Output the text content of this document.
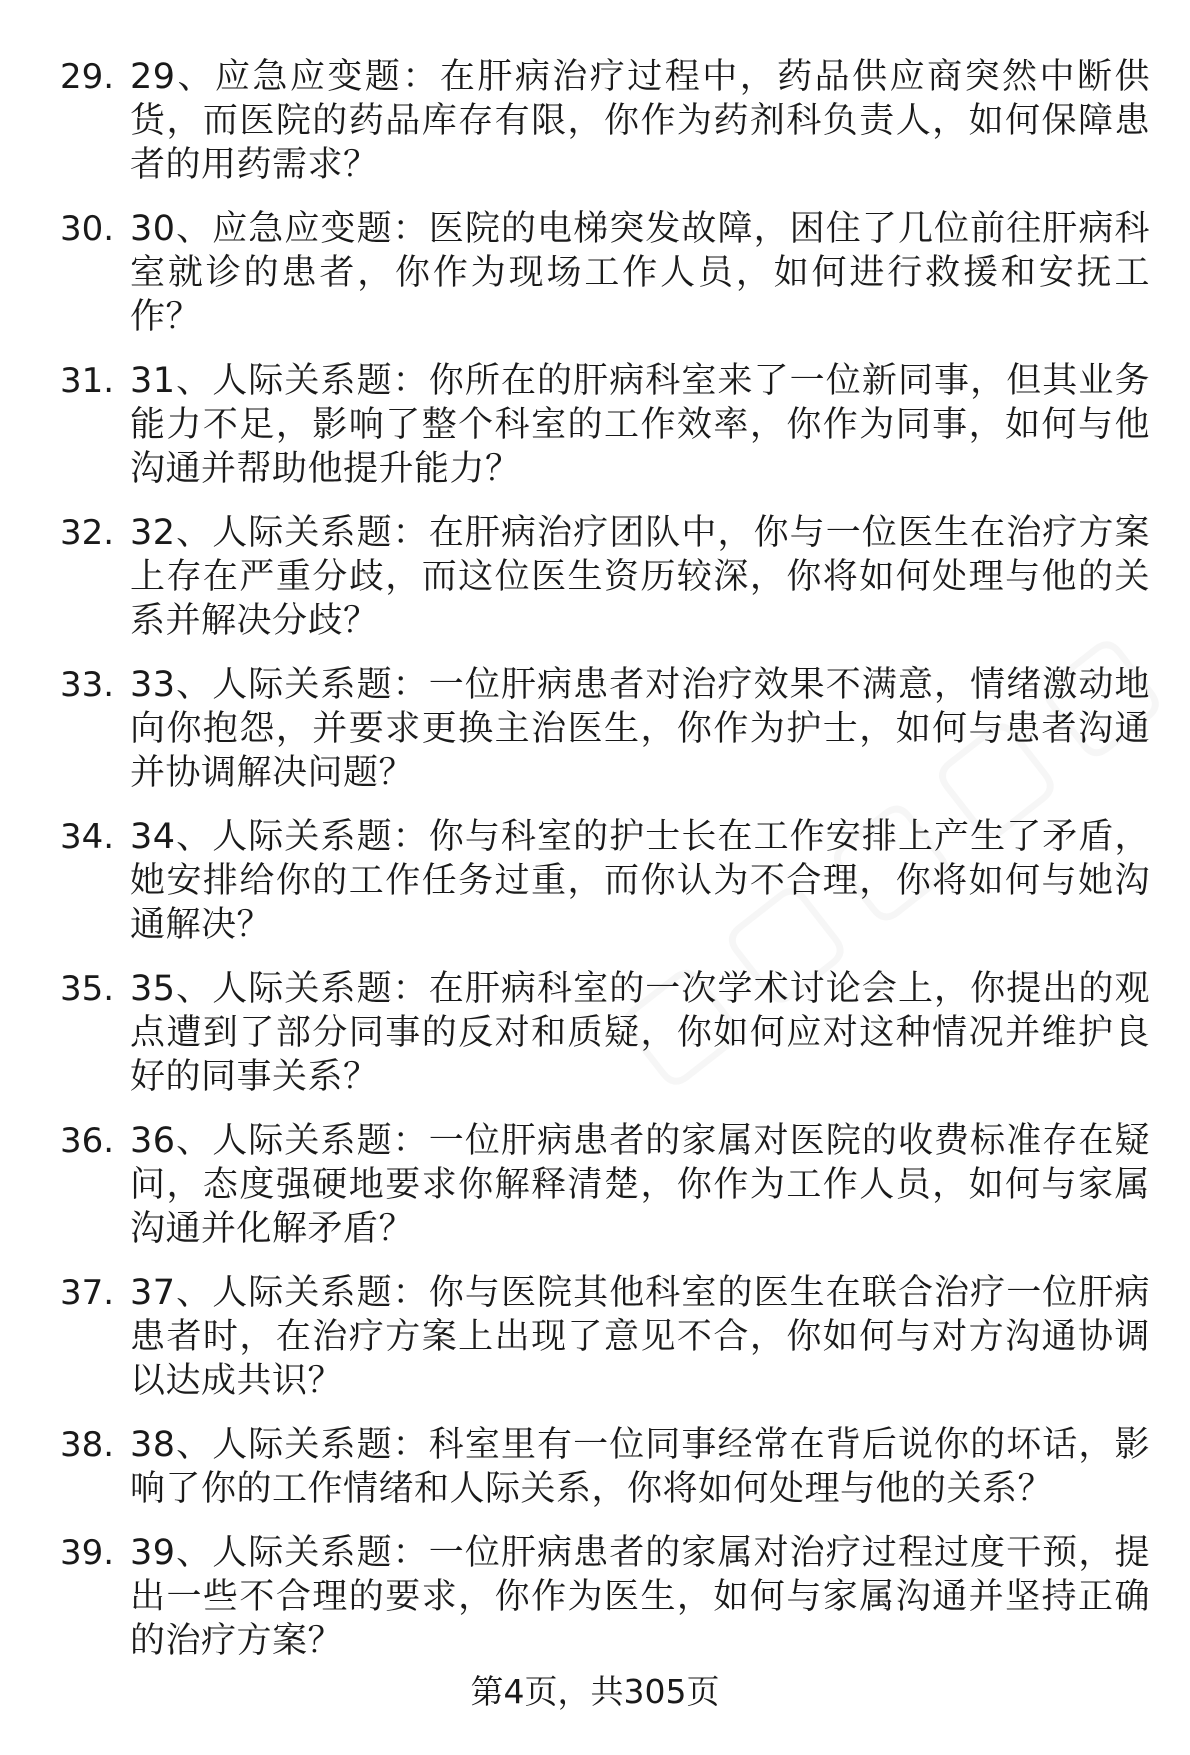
29. 29、应急应变题：在肝病治疗过程中，药品供应商突然中断供货，而医院的药品库存有限，你作为药剂科负责人，如何保障患者的用药需求？
30. 30、应急应变题：医院的电梯突发故障，困住了几位前往肝病科室就诊的患者，你作为现场工作人员，如何进行救援和安抚工作？
31. 31、人际关系题：你所在的肝病科室来了一位新同事，但其业务能力不足，影响了整个科室的工作效率，你作为同事，如何与他沟通并帮助他提升能力？
32. 32、人际关系题：在肝病治疗团队中，你与一位医生在治疗方案上存在严重分歧，而这位医生资历较深，你将如何处理与他的关系并解决分歧？
33. 33、人际关系题：一位肝病患者对治疗效果不满意，情绪激动地向你抱怨，并要求更换主治医生，你作为护士，如何与患者沟通并协调解决问题？
34. 34、人际关系题：你与科室的护士长在工作安排上产生了矛盾，她安排给你的工作任务过重，而你认为不合理，你将如何与她沟通解决？
35. 35、人际关系题：在肝病科室的一次学术讨论会上，你提出的观点遭到了部分同事的反对和质疑，你如何应对这种情况并维护良好的同事关系？
36. 36、人际关系题：一位肝病患者的家属对医院的收费标准存在疑问，态度强硬地要求你解释清楚，你作为工作人员，如何与家属沟通并化解矛盾？
37. 37、人际关系题：你与医院其他科室的医生在联合治疗一位肝病患者时，在治疗方案上出现了意见不合，你如何与对方沟通协调以达成共识？
38. 38、人际关系题：科室里有一位同事经常在背后说你的坏话，影响了你的工作情绪和人际关系，你将如何处理与他的关系？
39. 39、人际关系题：一位肝病患者的家属对治疗过程过度干预，提出一些不合理的要求，你作为医生，如何与家属沟通并坚持正确的治疗方案？
第4页，共305页
